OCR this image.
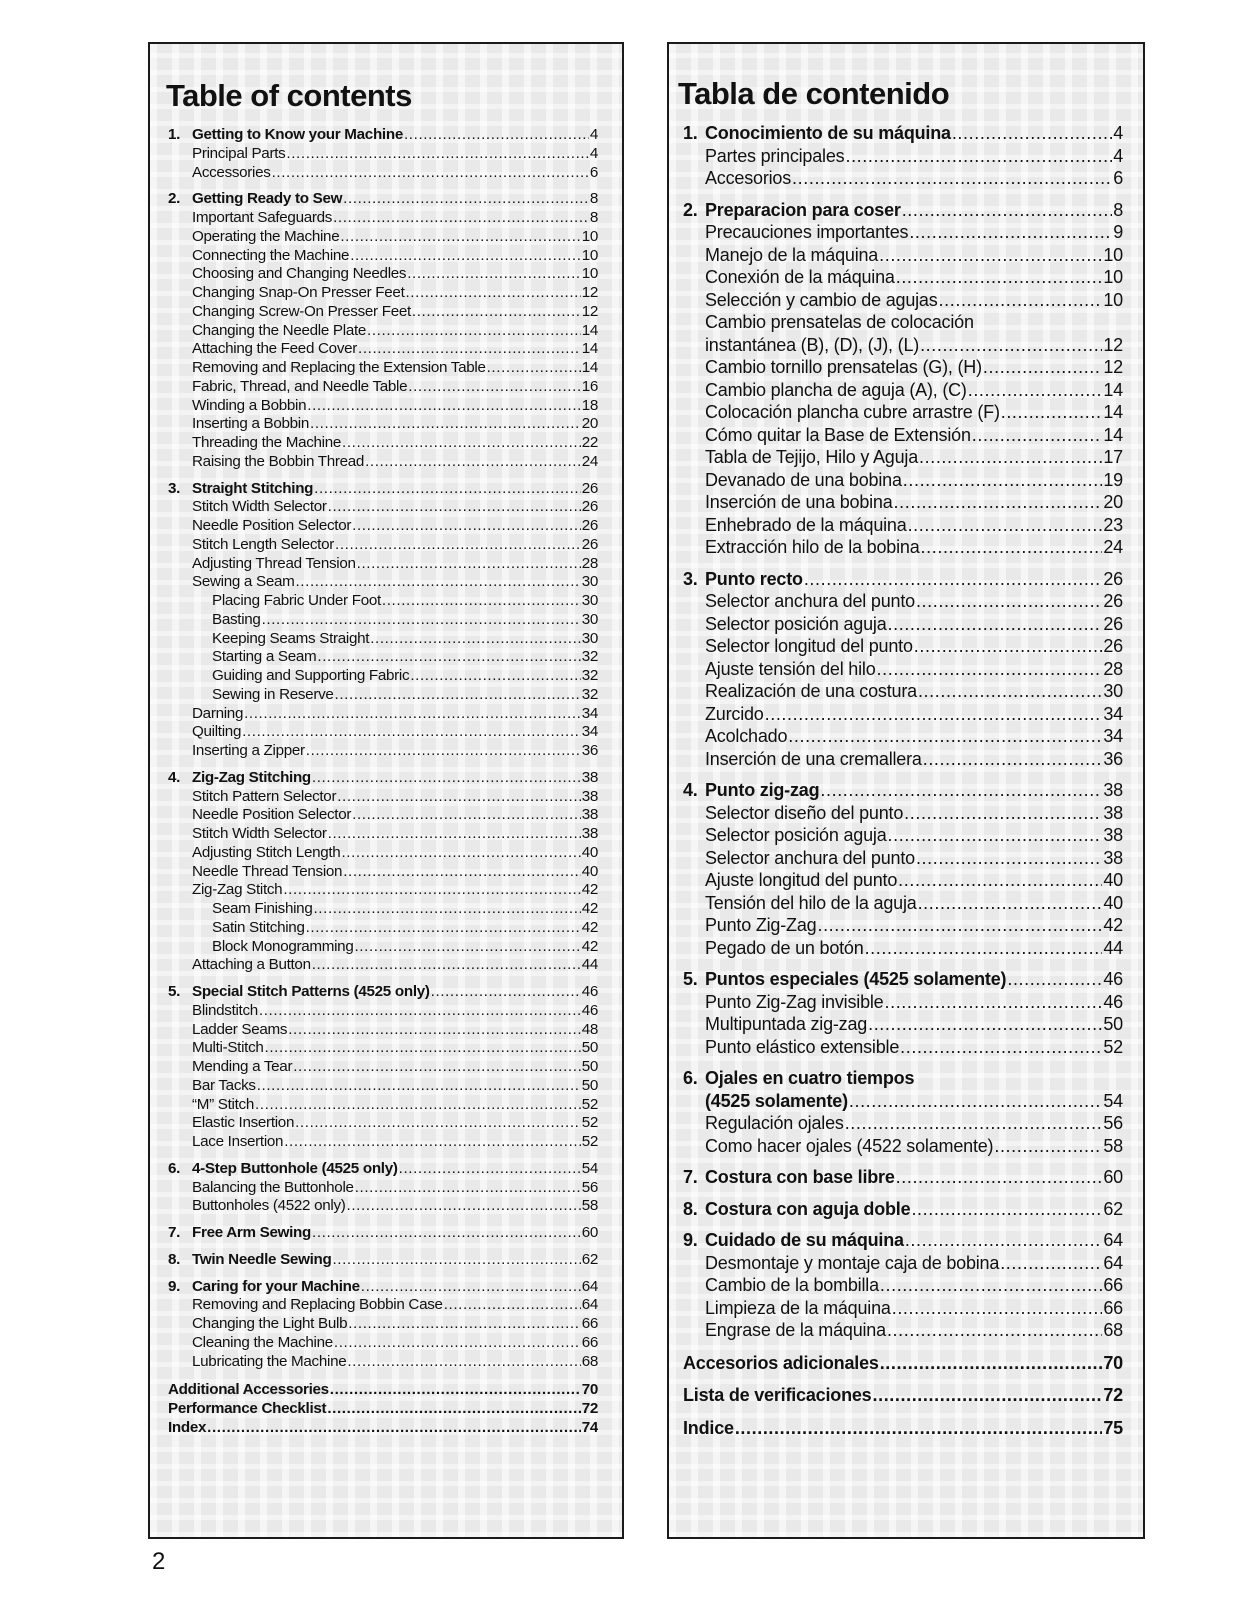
Table of contents
1. Getting to Know your Machine .....	4
Principal Parts .....	4
Accessories .....	6
2. Getting Ready to Sew .....	8
Important Safeguards .....	8
Operating the Machine .....	10
Connecting the Machine .....	10
Choosing and Changing Needles .....	10
Changing Snap-On Presser Feet .....	12
Changing Screw-On Presser Feet .....	12
Changing the Needle Plate .....	14
Attaching the Feed Cover .....	14
Removing and Replacing the Extension Table .....	14
Fabric, Thread, and Needle Table .....	16
Winding a Bobbin .....	18
Inserting a Bobbin .....	20
Threading the Machine .....	22
Raising the Bobbin Thread .....	24
3. Straight Stitching .....	26
Stitch Width Selector .....	26
Needle Position Selector .....	26
Stitch Length Selector .....	26
Adjusting Thread Tension .....	28
Sewing a Seam .....	30
Placing Fabric Under Foot .....	30
Basting .....	30
Keeping Seams Straight .....	30
Starting a Seam .....	32
Guiding and Supporting Fabric .....	32
Sewing in Reserve .....	32
Darning .....	34
Quilting .....	34
Inserting a Zipper .....	36
4. Zig-Zag Stitching .....	38
Stitch Pattern Selector .....	38
Needle Position Selector .....	38
Stitch Width Selector .....	38
Adjusting Stitch Length .....	40
Needle Thread Tension .....	40
Zig-Zag Stitch .....	42
Seam Finishing .....	42
Satin Stitching .....	42
Block Monogramming .....	42
Attaching a Button .....	44
5. Special Stitch Patterns (4525 only) .....	46
Blindstitch .....	46
Ladder Seams .....	48
Multi-Stitch .....	50
Mending a Tear .....	50
Bar Tacks .....	50
“M” Stitch .....	52
Elastic Insertion .....	52
Lace Insertion .....	52
6. 4-Step Buttonhole (4525 only) .....	54
Balancing the Buttonhole .....	56
Buttonholes (4522 only) .....	58
7. Free Arm Sewing .....	60
8. Twin Needle Sewing .....	62
9. Caring for your Machine .....	64
Removing and Replacing Bobbin Case .....	64
Changing the Light Bulb .....	66
Cleaning the Machine .....	66
Lubricating the Machine .....	68
Additional Accessories .....	70
Performance Checklist .....	72
Index .....	74
Tabla de contenido
1. Conocimiento de su máquina .....	4
Partes principales .....	4
Accesorios .....	6
2. Preparacion para coser .....	8
Precauciones importantes .....	9
Manejo de la máquina .....	10
Conexión de la máquina .....	10
Selección y cambio de agujas .....	10
Cambio prensatelas de colocación
instantánea (B), (D), (J), (L) .....	12
Cambio tornillo prensatelas (G), (H) .....	12
Cambio plancha de aguja (A), (C) .....	14
Colocación plancha cubre arrastre (F) .....	14
Cómo quitar la Base de Extensión .....	14
Tabla de Tejijo, Hilo y Aguja .....	17
Devanado de una bobina .....	19
Inserción de una bobina .....	20
Enhebrado de la máquina .....	23
Extracción hilo de la bobina .....	24
3. Punto recto .....	26
Selector anchura del punto .....	26
Selector posición aguja .....	26
Selector longitud del punto .....	26
Ajuste tensión del hilo .....	28
Realización de una costura .....	30
Zurcido .....	34
Acolchado .....	34
Inserción de una cremallera .....	36
4. Punto zig-zag .....	38
Selector diseño del punto .....	38
Selector posición aguja .....	38
Selector anchura del punto .....	38
Ajuste longitud del punto .....	40
Tensión del hilo de la aguja .....	40
Punto Zig-Zag .....	42
Pegado de un botón .....	44
5. Puntos especiales (4525 solamente) .....	46
Punto Zig-Zag invisible .....	46
Multipuntada zig-zag .....	50
Punto elástico extensible .....	52
6. Ojales en cuatro tiempos
(4525 solamente) .....	54
Regulación ojales .....	56
Como hacer ojales (4522 solamente) .....	58
7. Costura con base libre .....	60
8. Costura con aguja doble .....	62
9. Cuidado de su máquina .....	64
Desmontaje y montaje caja de bobina .....	64
Cambio de la bombilla .....	66
Limpieza de la máquina .....	66
Engrase de la máquina .....	68
Accesorios adicionales .....	70
Lista de verificaciones .....	72
Indice .....	75
2
